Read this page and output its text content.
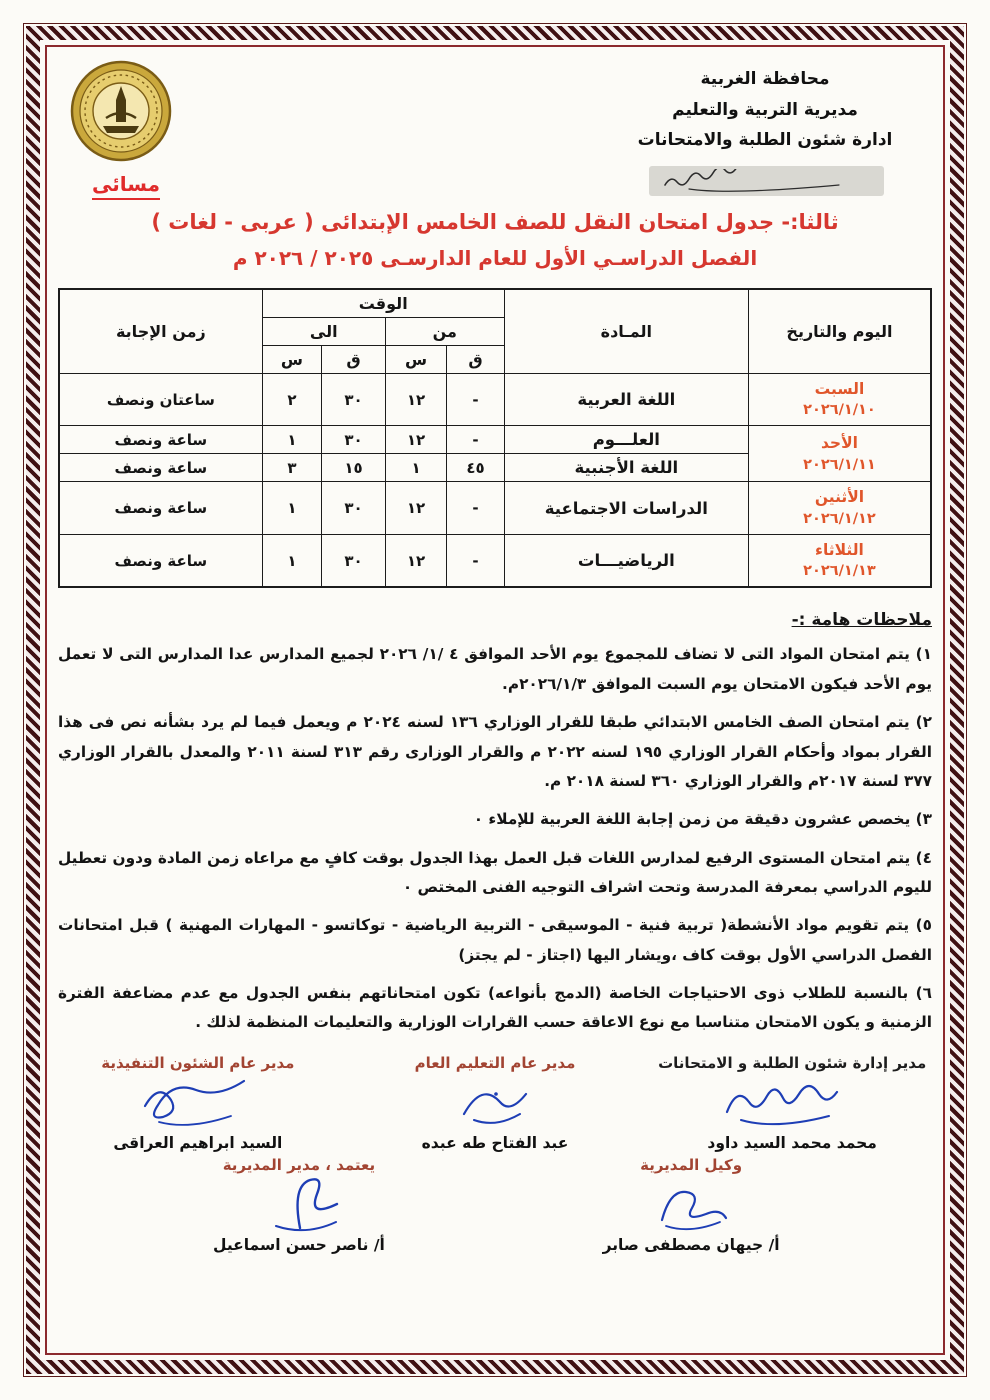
محافظة الغربية
مديرية التربية والتعليم
ادارة شئون الطلبة والامتحانات
مسائى
ثالثا:- جدول امتحان النقل للصف الخامس الإبتدائى ( عربى - لغات )
الفصل الدراسـي الأول للعام الدارسـى ٢٠٢٥ / ٢٠٢٦ م
اليوم والتاريخ	المـادة	الوقت				زمن الإجابة
		من		الى		
		ق	س	ق	س	

السبت
٢٠٢٦/١/١٠	اللغة العربية	-	١٢	٣٠	٢	ساعتان ونصف

الأحد
٢٠٢٦/١/١١	العلـــوم	-	١٢	٣٠	١	ساعة ونصف
	اللغة الأجنبية	٤٥	١	١٥	٣	ساعة ونصف

الأثنين
٢٠٢٦/١/١٢	الدراسات الاجتماعية	-	١٢	٣٠	١	ساعة ونصف

الثلاثاء
٢٠٢٦/١/١٣	الرياضيـــات	-	١٢	٣٠	١	ساعة ونصف
ملاحظات هامة :-

١) يتم امتحان المواد التى لا تضاف للمجموع يوم الأحد الموافق ٤ /١/ ٢٠٢٦ لجميع المدارس عدا المدارس التى لا تعمل يوم الأحد فيكون الامتحان يوم السبت الموافق ٢٠٢٦/١/٣م.

٢) يتم امتحان الصف الخامس الابتدائي طبقا للقرار الوزاري ١٣٦ لسنه ٢٠٢٤ م ويعمل فيما لم يرد بشأنه نص فى هذا القرار بمواد وأحكام القرار الوزاري ١٩٥ لسنه ٢٠٢٢ م والقرار الوزارى رقم ٣١٣ لسنة ٢٠١١ والمعدل بالقرار الوزاري ٣٧٧ لسنة ٢٠١٧م والقرار الوزاري ٣٦٠ لسنة ٢٠١٨ م.

٣) يخصص عشرون دقيقة من زمن إجابة اللغة العربية للإملاء ٠

٤) يتم امتحان المستوى الرفيع لمدارس اللغات قبل العمل بهذا الجدول بوقت كافٍ مع مراعاه زمن المادة ودون تعطيل لليوم الدراسي بمعرفة المدرسة وتحت اشراف التوجيه الفنى المختص ٠

٥) يتم تقويم مواد الأنشطة( تربية فنية - الموسيقى - التربية الرياضية - توكاتسو - المهارات المهنية ) قبل امتحانات الفصل الدراسي الأول بوقت كاف ،ويشار اليها (اجتاز - لم يجتز)

٦) بالنسبة للطلاب ذوى الاحتياجات الخاصة (الدمج بأنواعه) تكون امتحاناتهم بنفس الجدول مع عدم مضاعفة الفترة الزمنية و يكون الامتحان متناسبا مع نوع الاعاقة حسب القرارات الوزارية والتعليمات المنظمة لذلك .

مدير إدارة شئون الطلبة و الامتحانات
محمد محمد السيد داود
مدير عام التعليم العام
عبد الفتاح طه عبده
مدير عام الشئون التنفيذية
السيد ابراهيم العراقى
وكيل المديرية
أ/ جيهان مصطفى صابر
يعتمد ، مدير المديرية
أ/ ناصر حسن اسماعيل
